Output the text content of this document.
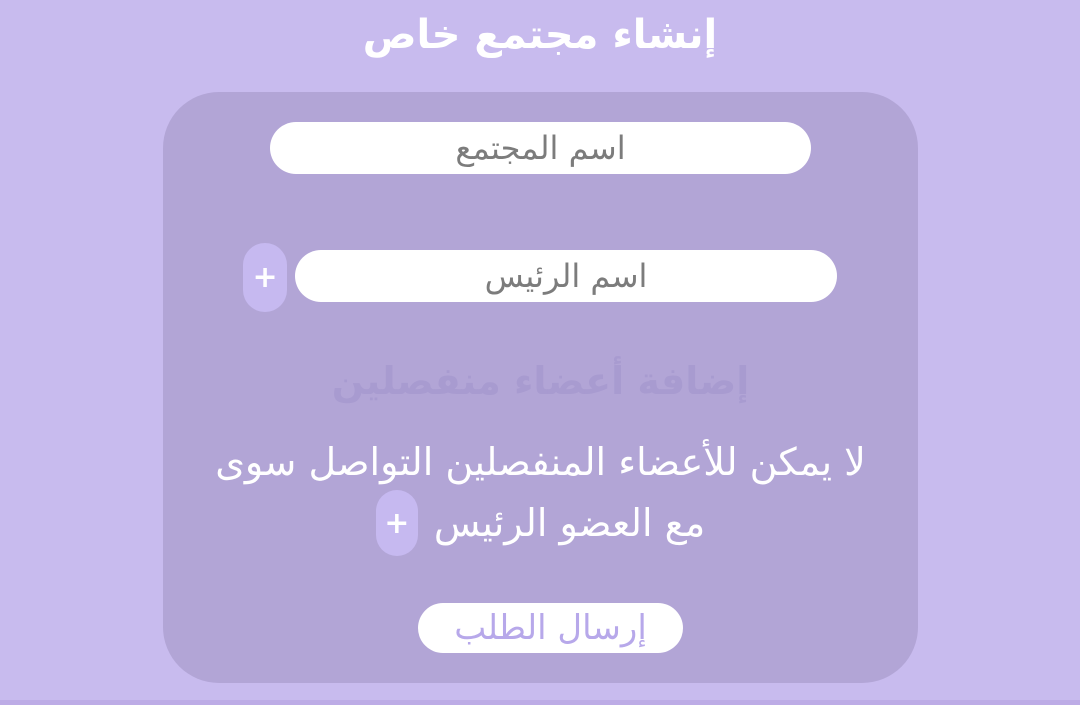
إنشاء مجتمع خاص
اسم المجتمع
+
اسم الرئيس
إضافة أعضاء منفصلين
لا يمكن للأعضاء المنفصلين التواصل سوى
مع العضو الرئيس
+
إرسال الطلب
